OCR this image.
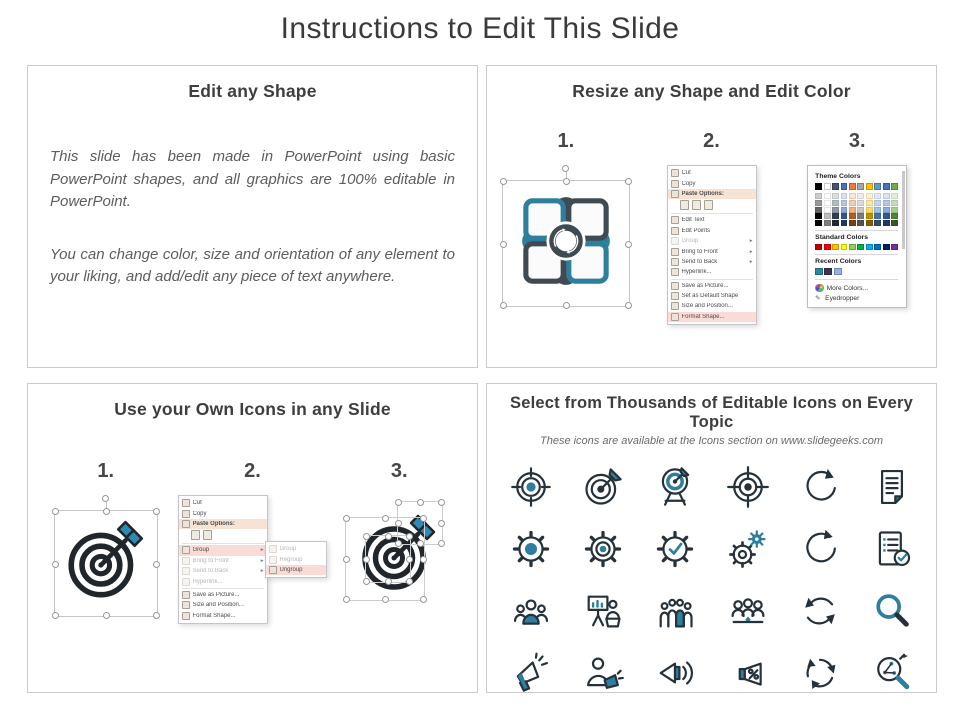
Instructions to Edit This Slide
Edit any Shape

This slide has been made in PowerPoint using basic PowerPoint shapes, and all graphics are 100% editable in PowerPoint.

You can change color, size and orientation of any element to your liking, and add/edit any piece of text anywhere.

Resize any Shape and Edit Color
1.	2.
Cut
Copy
Paste Options:
Edit Text
Edit Points
Group	▸
Bring to Front	▸
Send to Back	▸
Hyperlink...
Save as Picture...
Set as Default Shape
Size and Position...
Format Shape...
3.
Theme Colors
Standard Colors
Recent Colors
More Colors...
✎ Eyedropper
Use your Own Icons in any Slide
1.	2.
Cut
Copy
Paste Options:
Group	▸
Bring to Front	▸
Send to Back	▸
Hyperlink...
Save as Picture...
Size and Position...
Format Shape...
Group
Regroup
Ungroup
3.
Select from Thousands of Editable Icons on Every Topic
These icons are available at the Icons section on www.slidegeeks.com
